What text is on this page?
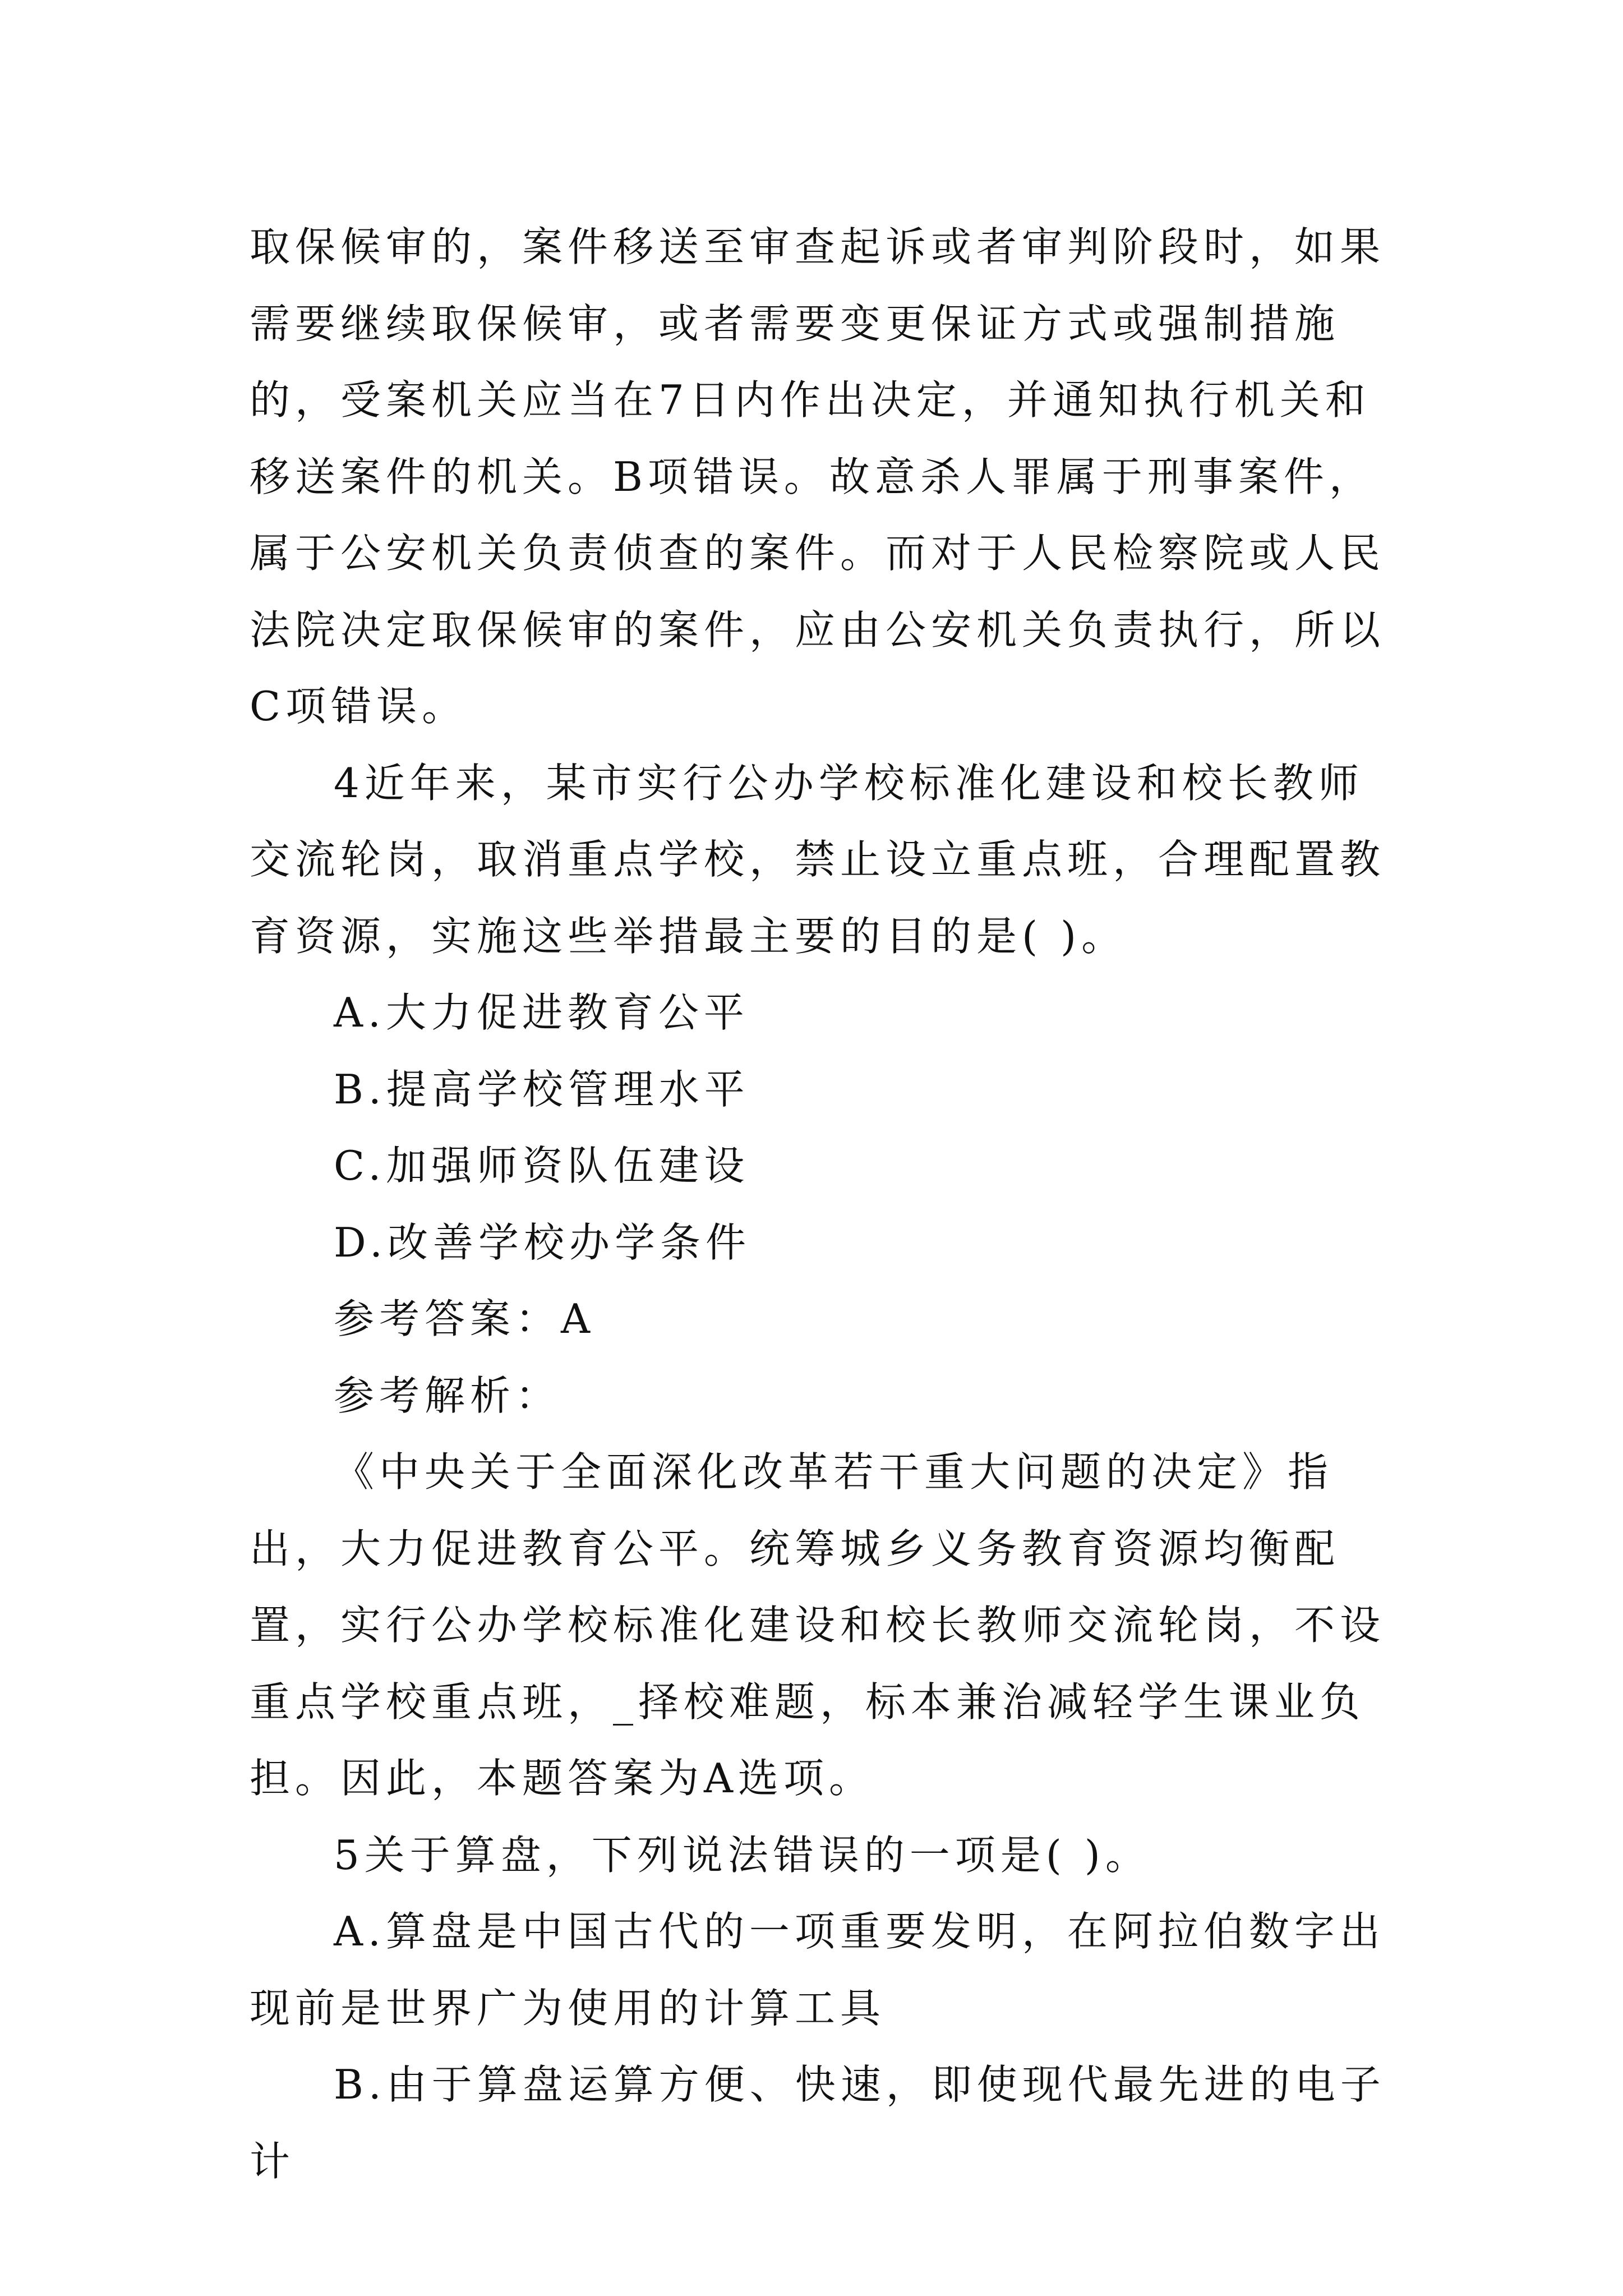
取保候审的，案件移送至审查起诉或者审判阶段时，如果需要继续取保候审，或者需要变更保证方式或强制措施的，受案机关应当在7日内作出决定，并通知执行机关和移送案件的机关。B项错误。故意杀人罪属于刑事案件，属于公安机关负责侦查的案件。而对于人民检察院或人民法院决定取保候审的案件，应由公安机关负责执行，所以C项错误。

4近年来，某市实行公办学校标准化建设和校长教师交流轮岗，取消重点学校，禁止设立重点班，合理配置教育资源，实施这些举措最主要的目的是( )。

A.大力促进教育公平

B.提高学校管理水平

C.加强师资队伍建设

D.改善学校办学条件

参考答案：A

参考解析：

《中央关于全面深化改革若干重大问题的决定》指出，大力促进教育公平。统筹城乡义务教育资源均衡配置，实行公办学校标准化建设和校长教师交流轮岗，不设重点学校重点班，_择校难题，标本兼治减轻学生课业负担。因此，本题答案为A选项。

5关于算盘，下列说法错误的一项是( )。

A.算盘是中国古代的一项重要发明，在阿拉伯数字出现前是世界广为使用的计算工具

B.由于算盘运算方便、快速，即使现代最先进的电子计
